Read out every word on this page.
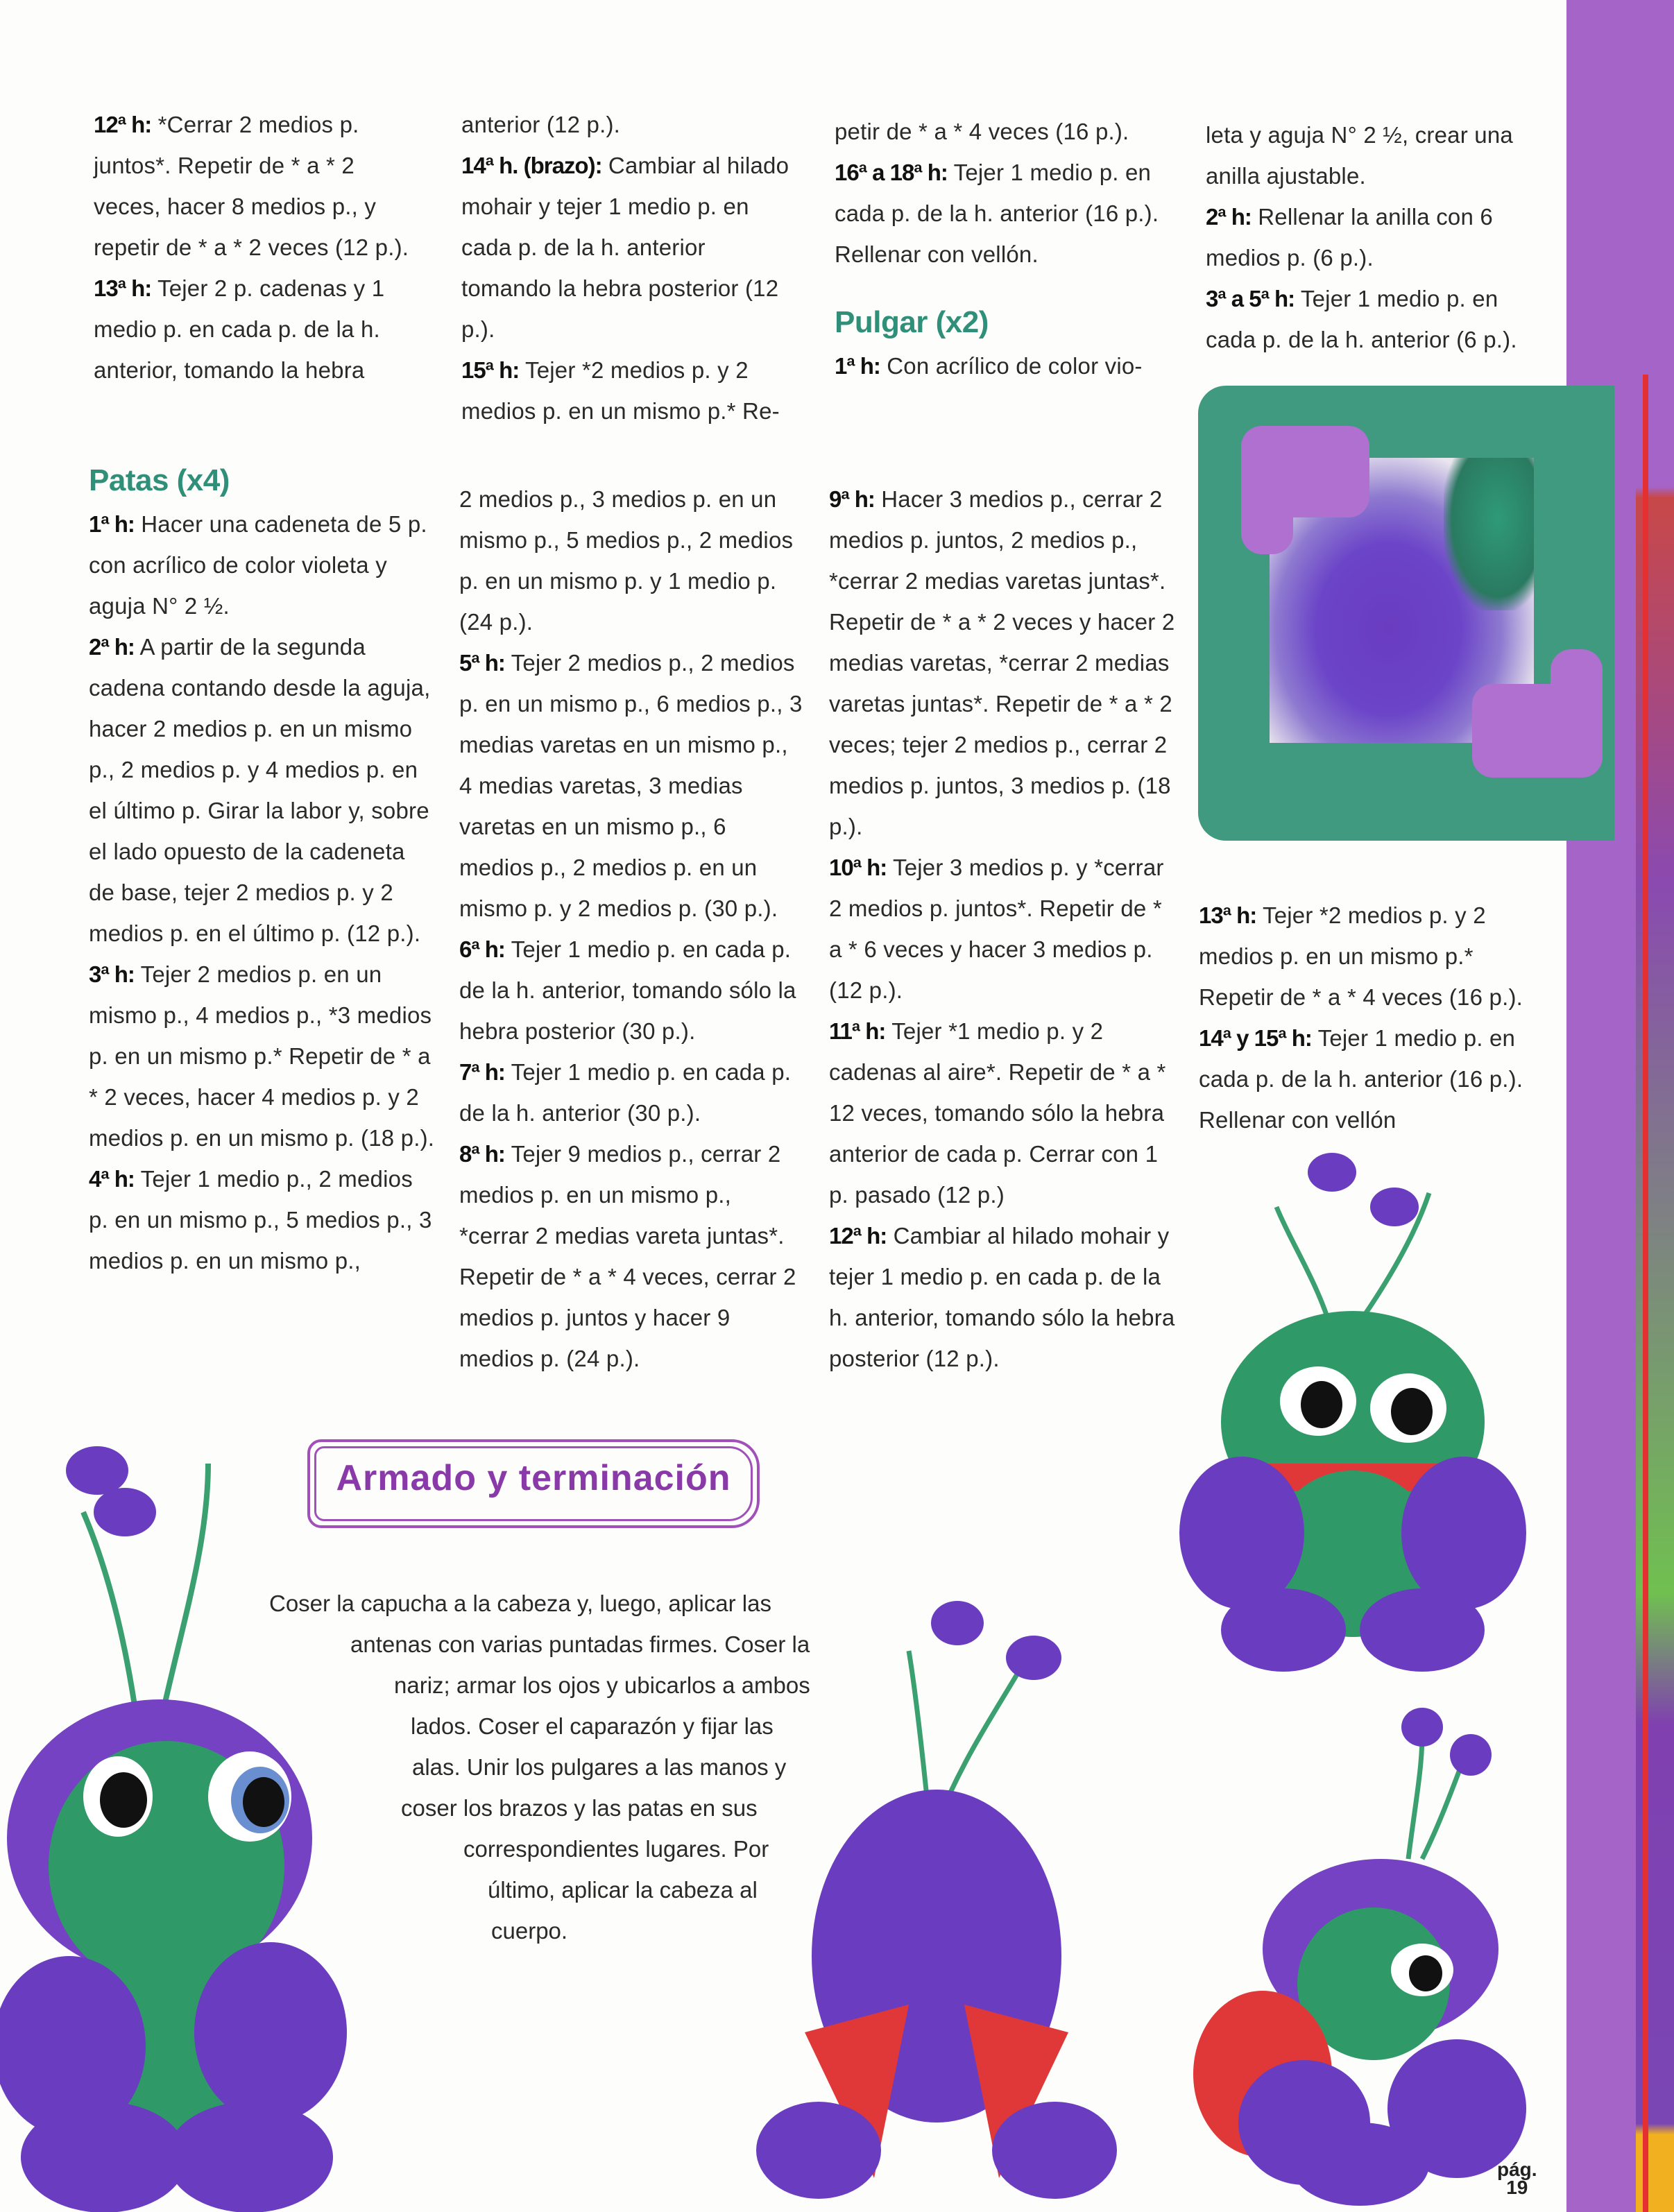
12ª h: *Cerrar 2 medios p. juntos*. Repetir de * a * 2 veces, hacer 8 medios p., y repetir de * a * 2 veces (12 p.).

13ª h: Tejer 2 p. cadenas y 1 medio p. en cada p. de la h. anterior, tomando la hebra

anterior (12 p.).

14ª h. (brazo): Cambiar al hilado mohair y tejer 1 medio p. en cada p. de la h. anterior tomando la hebra posterior (12 p.).

15ª h: Tejer *2 medios p. y 2 medios p. en un mismo p.* Re-

petir de * a * 4 veces (16 p.).

16ª a 18ª h: Tejer 1 medio p. en cada p. de la h. anterior (16 p.). Rellenar con vellón.

Pulgar (x2)

1ª h: Con acrílico de color vio-

leta y aguja N° 2 ½, crear una anilla ajustable.

2ª h: Rellenar la anilla con 6 medios p. (6 p.).

3ª a 5ª h: Tejer 1 medio p. en cada p. de la h. anterior (6 p.).

Patas (x4)

1ª h: Hacer una cadeneta de 5 p. con acrílico de color violeta y aguja N° 2 ½.

2ª h: A partir de la segunda cadena contando desde la aguja, hacer 2 medios p. en un mismo p., 2 medios p. y 4 medios p. en el último p. Girar la labor y, sobre el lado opuesto de la cadeneta de base, tejer 2 medios p. y 2 medios p. en el último p. (12 p.).

3ª h: Tejer 2 medios p. en un mismo p., 4 medios p., *3 medios p. en un mismo p.* Repetir de * a * 2 veces, hacer 4 medios p. y 2 medios p. en un mismo p. (18 p.).

4ª h: Tejer 1 medio p., 2 medios p. en un mismo p., 5 medios p., 3 medios p. en un mismo p.,

2 medios p., 3 medios p. en un mismo p., 5 medios p., 2 medios p. en un mismo p. y 1 medio p. (24 p.).

5ª h: Tejer 2 medios p., 2 medios p. en un mismo p., 6 medios p., 3 medias varetas en un mismo p., 4 medias varetas, 3 medias varetas en un mismo p., 6 medios p., 2 medios p. en un mismo p. y 2 medios p. (30 p.).

6ª h: Tejer 1 medio p. en cada p. de la h. anterior, tomando sólo la hebra posterior (30 p.).

7ª h: Tejer 1 medio p. en cada p. de la h. anterior (30 p.).

8ª h: Tejer 9 medios p., cerrar 2 medios p. en un mismo p., *cerrar 2 medias vareta juntas*. Repetir de * a * 4 veces, cerrar 2 medios p. juntos y hacer 9 medios p. (24 p.).

9ª h: Hacer 3 medios p., cerrar 2 medios p. juntos, 2 medios p., *cerrar 2 medias varetas juntas*. Repetir de * a * 2 veces y hacer 2 medias varetas, *cerrar 2 medias varetas juntas*. Repetir de * a * 2 veces; tejer 2 medios p., cerrar 2 medios p. juntos, 3 medios p. (18 p.).

10ª h: Tejer 3 medios p. y *cerrar 2 medios p. juntos*. Repetir de * a * 6 veces y hacer 3 medios p. (12 p.).

11ª h: Tejer *1 medio p. y 2 cadenas al aire*. Repetir de * a * 12 veces, tomando sólo la hebra anterior de cada p. Cerrar con 1 p. pasado (12 p.)

12ª h: Cambiar al hilado mohair y tejer 1 medio p. en cada p. de la h. anterior, tomando sólo la hebra posterior (12 p.).

13ª h: Tejer *2 medios p. y 2 medios p. en un mismo p.* Repetir de * a * 4 veces (16 p.).

14ª y 15ª h: Tejer 1 medio p. en cada p. de la h. anterior (16 p.). Rellenar con vellón

Armado y terminación
Coser la capucha a la cabeza y, luego, aplicar las
antenas con varias puntadas firmes. Coser la
nariz; armar los ojos y ubicarlos a ambos
lados. Coser el caparazón y fijar las
alas. Unir los pulgares a las manos y
coser los brazos y las patas en sus
correspondientes lugares. Por
último, aplicar la cabeza al
cuerpo.
pág.
19
